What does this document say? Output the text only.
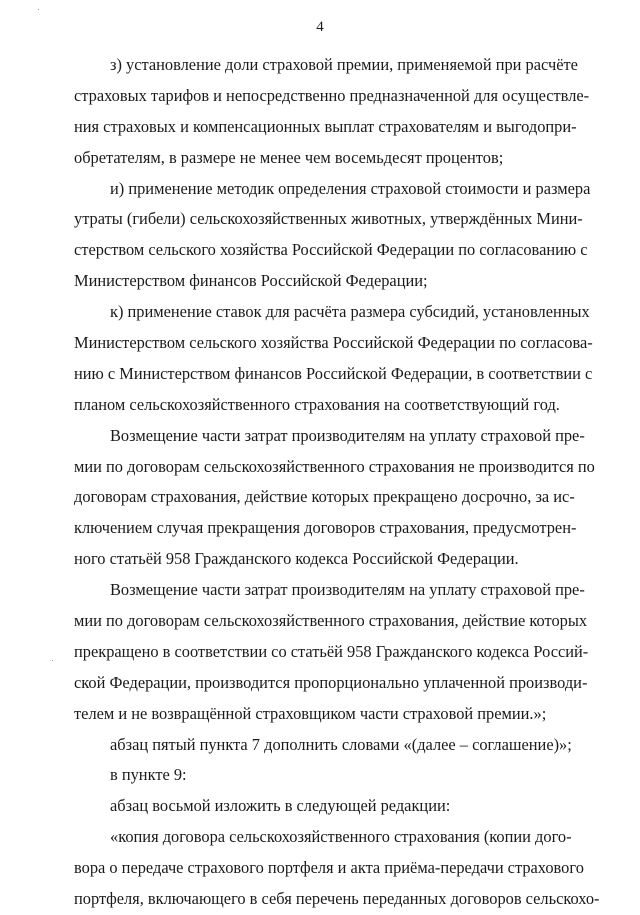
4
з) установление доли страховой премии, применяемой при расчёте
страховых тарифов и непосредственно предназначенной для осуществле-
ния страховых и компенсационных выплат страхователям и выгодопри-
обретателям, в размере не менее чем восемьдесят процентов;
и) применение методик определения страховой стоимости и размера
утраты (гибели) сельскохозяйственных животных, утверждённых Мини-
стерством сельского хозяйства Российской Федерации по согласованию с
Министерством финансов Российской Федерации;
к) применение ставок для расчёта размера субсидий, установленных
Министерством сельского хозяйства Российской Федерации по согласова-
нию с Министерством финансов Российской Федерации, в соответствии с
планом сельскохозяйственного страхования на соответствующий год.
Возмещение части затрат производителям на уплату страховой пре-
мии по договорам сельскохозяйственного страхования не производится по
договорам страхования, действие которых прекращено досрочно, за ис-
ключением случая прекращения договоров страхования, предусмотрен-
ного статьёй 958 Гражданского кодекса Российской Федерации.
Возмещение части затрат производителям на уплату страховой пре-
мии по договорам сельскохозяйственного страхования, действие которых
прекращено в соответствии со статьёй 958 Гражданского кодекса Россий-
ской Федерации, производится пропорционально уплаченной производи-
телем и не возвращённой страховщиком части страховой премии.»;
абзац пятый пункта 7 дополнить словами «(далее – соглашение)»;
в пункте 9:
абзац восьмой изложить в следующей редакции:
«копия договора сельскохозяйственного страхования (копии дого-
вора о передаче страхового портфеля и акта приёма-передачи страхового
портфеля, включающего в себя перечень переданных договоров сельскохо-
